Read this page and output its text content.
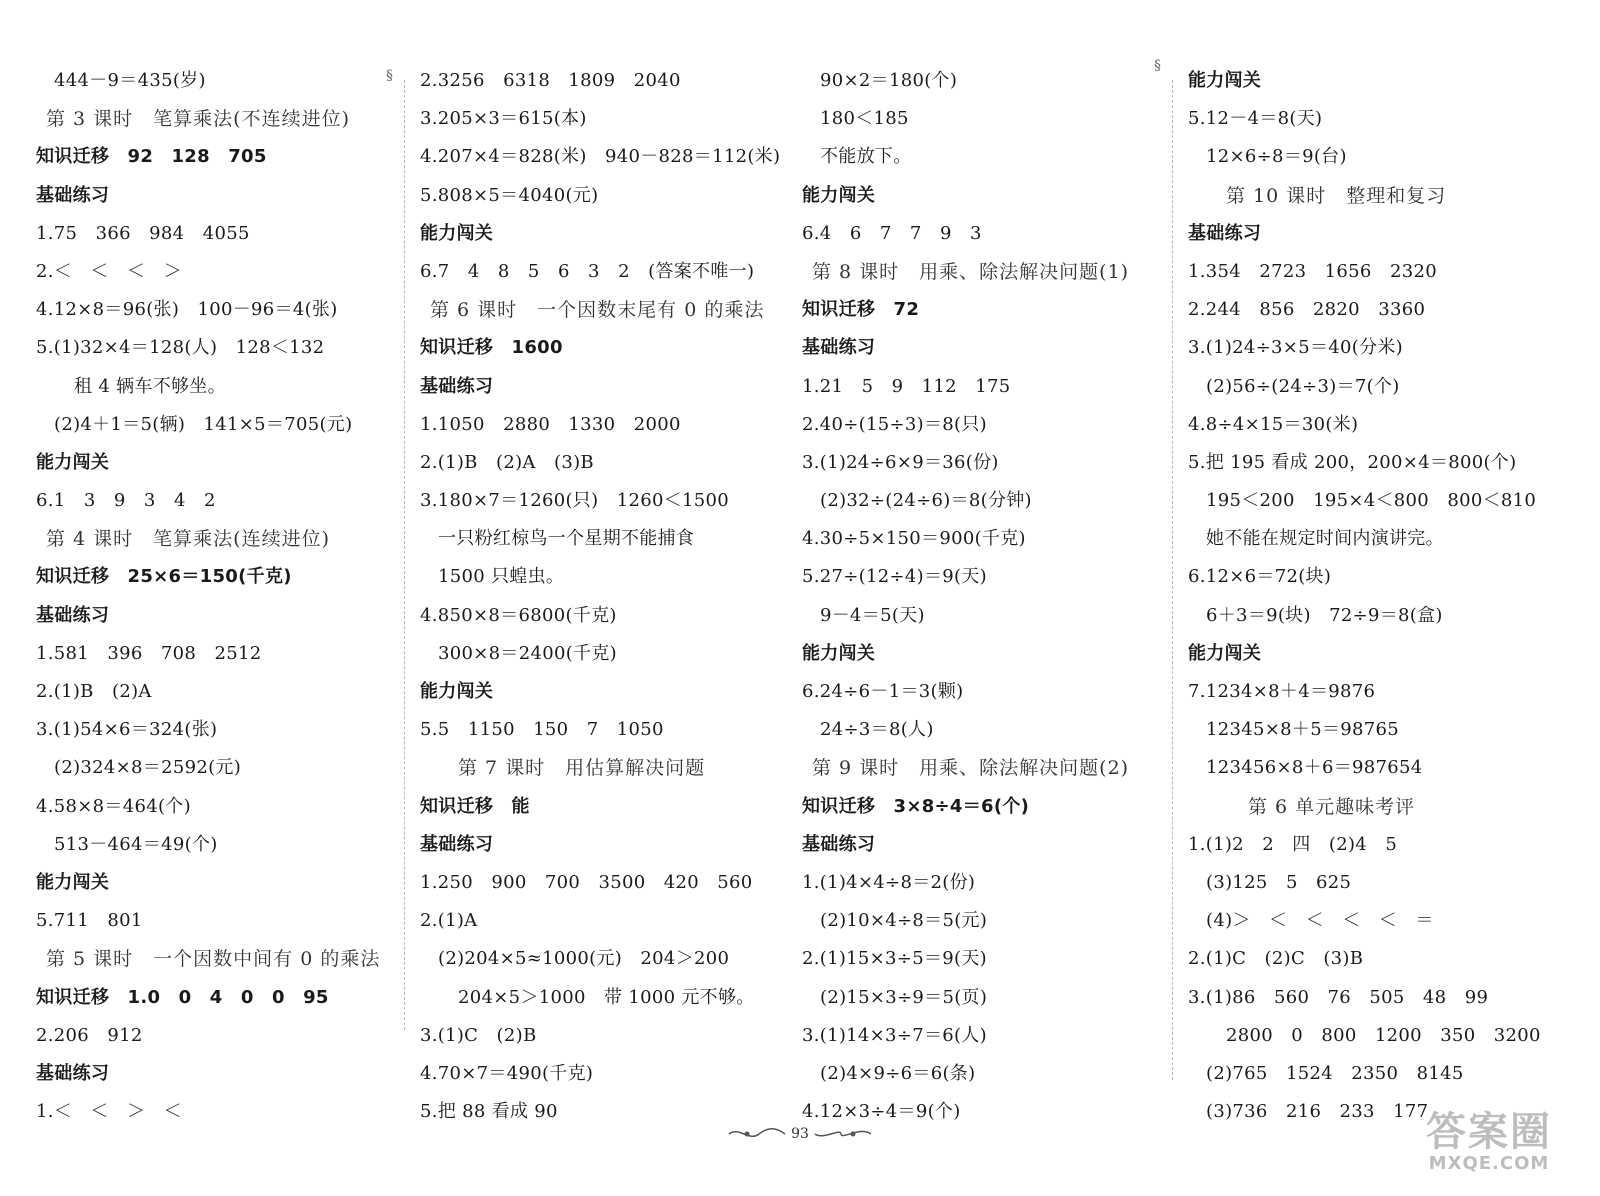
444－9＝435(岁)
第 3 课时　笔算乘法(不连续进位)
知识迁移　92　128　705
基础练习
1.75　366　984　4055
2.＜　＜　＜　＞
4.12×8＝96(张)　100－96＝4(张)
5.(1)32×4＝128(人)　128＜132
租 4 辆车不够坐。
(2)4＋1＝5(辆)　141×5＝705(元)
能力闯关
6.1　3　9　3　4　2
第 4 课时　笔算乘法(连续进位)
知识迁移　25×6＝150(千克)
基础练习
1.581　396　708　2512
2.(1)B　(2)A
3.(1)54×6＝324(张)
(2)324×8＝2592(元)
4.58×8＝464(个)
513－464＝49(个)
能力闯关
5.711　801
第 5 课时　一个因数中间有 0 的乘法
知识迁移　1.0　0　4　0　0　95
2.206　912
基础练习
1.＜　＜　＞　＜
2.3256　6318　1809　2040
3.205×3＝615(本)
4.207×4＝828(米)　940－828＝112(米)
5.808×5＝4040(元)
能力闯关
6.7　4　8　5　6　3　2　(答案不唯一)
第 6 课时　一个因数末尾有 0 的乘法
知识迁移　1600
基础练习
1.1050　2880　1330　2000
2.(1)B　(2)A　(3)B
3.180×7＝1260(只)　1260＜1500
一只粉红椋鸟一个星期不能捕食
1500 只蝗虫。
4.850×8＝6800(千克)
300×8＝2400(千克)
能力闯关
5.5　1150　150　7　1050
第 7 课时　用估算解决问题
知识迁移　能
基础练习
1.250　900　700　3500　420　560
2.(1)A
(2)204×5≈1000(元)　204＞200
204×5＞1000　带 1000 元不够。
3.(1)C　(2)B
4.70×7＝490(千克)
5.把 88 看成 90
90×2＝180(个)
180＜185
不能放下。
能力闯关
6.4　6　7　7　9　3
第 8 课时　用乘、除法解决问题(1)
知识迁移　72
基础练习
1.21　5　9　112　175
2.40÷(15÷3)＝8(只)
3.(1)24÷6×9＝36(份)
(2)32÷(24÷6)＝8(分钟)
4.30÷5×150＝900(千克)
5.27÷(12÷4)＝9(天)
9－4＝5(天)
能力闯关
6.24÷6－1＝3(颗)
24÷3＝8(人)
第 9 课时　用乘、除法解决问题(2)
知识迁移　3×8÷4＝6(个)
基础练习
1.(1)4×4÷8＝2(份)
(2)10×4÷8＝5(元)
2.(1)15×3÷5＝9(天)
(2)15×3÷9＝5(页)
3.(1)14×3÷7＝6(人)
(2)4×9÷6＝6(条)
4.12×3÷4＝9(个)
能力闯关
5.12－4＝8(天)
12×6÷8＝9(台)
第 10 课时　整理和复习
基础练习
1.354　2723　1656　2320
2.244　856　2820　3360
3.(1)24÷3×5＝40(分米)
(2)56÷(24÷3)＝7(个)
4.8÷4×15＝30(米)
5.把 195 看成 200，200×4＝800(个)
195＜200　195×4＜800　800＜810
她不能在规定时间内演讲完。
6.12×6＝72(块)
6＋3＝9(块)　72÷9＝8(盒)
能力闯关
7.1234×8＋4＝9876
12345×8＋5＝98765
123456×8＋6＝987654
第 6 单元趣味考评
1.(1)2　2　四　(2)4　5
(3)125　5　625
(4)＞　＜　＜　＜　＜　＝
2.(1)C　(2)C　(3)B
3.(1)86　560　76　505　48　99
2800　0　800　1200　350　3200
(2)765　1524　2350　8145
(3)736　216　233　177
§
§
93	答案圈
MXQE.COM
